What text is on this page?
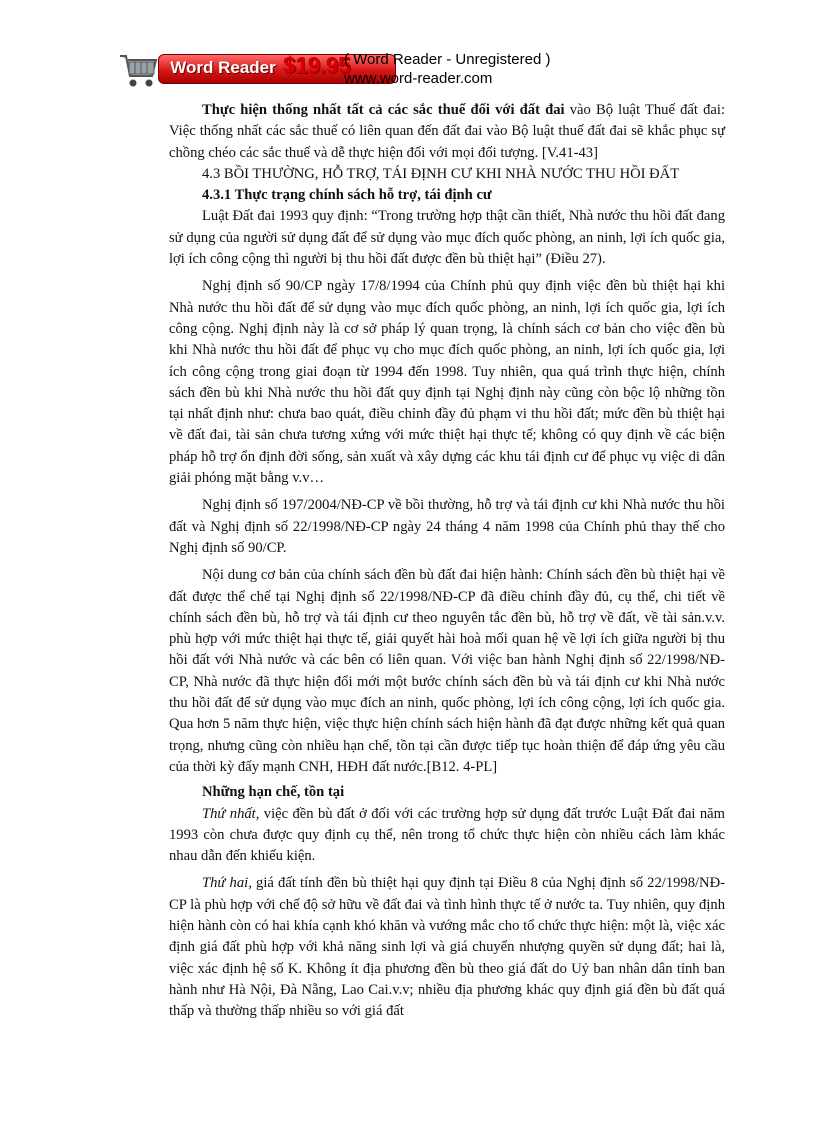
Word Reader $19.95
( Word Reader - Unregistered )
www.word-reader.com

Thực hiện thống nhất tất cả các sắc thuế đối với đất đai vào Bộ luật Thuế đất đai: Việc thống nhất các sắc thuế có liên quan đến đất đai vào Bộ luật thuế đất đai sẽ khắc phục sự chồng chéo các sắc thuế và dễ thực hiện đối với mọi đối tượng. [V.41-43]

4.3 BỒI THƯỜNG, HỖ TRỢ, TÁI ĐỊNH CƯ KHI NHÀ NƯỚC THU HỒI ĐẤT
4.3.1 Thực trạng chính sách hỗ trợ, tái định cư

Luật Đất đai 1993 quy định: “Trong trường hợp thật cần thiết, Nhà nước thu hồi đất đang sử dụng của người sử dụng đất để sử dụng vào mục đích quốc phòng, an ninh, lợi ích quốc gia, lợi ích công cộng thì người bị thu hồi đất được đền bù thiệt hại” (Điều 27).

Nghị định số 90/CP ngày 17/8/1994 của Chính phủ quy định việc đền bù thiệt hại khi Nhà nước thu hồi đất để sử dụng vào mục đích quốc phòng, an ninh, lợi ích quốc gia, lợi ích công cộng. Nghị định này là cơ sở pháp lý quan trọng, là chính sách cơ bản cho việc đền bù khi Nhà nước thu hồi đất để phục vụ cho mục đích quốc phòng, an ninh, lợi ích quốc gia, lợi ích công cộng trong giai đoạn từ 1994 đến 1998. Tuy nhiên, qua quá trình thực hiện, chính sách đền bù khi Nhà nước thu hồi đất quy định tại Nghị định này cũng còn bộc lộ những tồn tại nhất định như: chưa bao quát, điều chỉnh đầy đủ phạm vi thu hồi đất; mức đền bù thiệt hại về đất đai, tài sản chưa tương xứng với mức thiệt hại thực tế; không có quy định về các biện pháp hỗ trợ ổn định đời sống, sản xuất và xây dựng các khu tái định cư để phục vụ việc di dân giải phóng mặt bằng v.v…

Nghị định số 197/2004/NĐ-CP về bồi thường, hỗ trợ và tái định cư khi Nhà nước thu hồi đất và Nghị định số 22/1998/NĐ-CP ngày 24 tháng 4 năm 1998 của Chính phủ thay thế cho Nghị định số 90/CP.

Nội dung cơ bản của chính sách đền bù đất đai hiện hành: Chính sách đền bù thiệt hại về đất được thể chế tại Nghị định số 22/1998/NĐ-CP đã điều chỉnh đầy đủ, cụ thể, chi tiết về chính sách đền bù, hỗ trợ và tái định cư theo nguyên tắc đền bù, hỗ trợ về đất, về tài sản.v.v. phù hợp với mức thiệt hại thực tế, giải quyết hài hoà mối quan hệ về lợi ích giữa người bị thu hồi đất với Nhà nước và các bên có liên quan. Với việc ban hành Nghị định số 22/1998/NĐ-CP, Nhà nước đã thực hiện đổi mới một bước chính sách đền bù và tái định cư khi Nhà nước thu hồi đất để sử dụng vào mục đích an ninh, quốc phòng, lợi ích công cộng, lợi ích quốc gia. Qua hơn 5 năm thực hiện, việc thực hiện chính sách hiện hành đã đạt được những kết quả quan trọng, nhưng cũng còn nhiều hạn chế, tồn tại cần được tiếp tục hoàn thiện để đáp ứng yêu cầu của thời kỳ đẩy mạnh CNH, HĐH đất nước.[B12. 4-PL]

Những hạn chế, tồn tại

Thứ nhất, việc đền bù đất ở đối với các trường hợp sử dụng đất trước Luật Đất đai năm 1993 còn chưa được quy định cụ thể, nên trong tổ chức thực hiện còn nhiều cách làm khác nhau dẫn đến khiếu kiện.

Thứ hai, giá đất tính đền bù thiệt hại quy định tại Điều 8 của Nghị định số 22/1998/NĐ-CP là phù hợp với chế độ sở hữu về đất đai và tình hình thực tế ở nước ta. Tuy nhiên, quy định hiện hành còn có hai khía cạnh khó khăn và vướng mắc cho tổ chức thực hiện: một là, việc xác định giá đất phù hợp với khả năng sinh lợi và giá chuyển nhượng quyền sử dụng đất; hai là, việc xác định hệ số K. Không ít địa phương đền bù theo giá đất do Uỷ ban nhân dân tỉnh ban hành như Hà Nội, Đà Nẵng, Lao Cai.v.v; nhiều địa phương khác quy định giá đền bù đất quá thấp và thường thấp nhiều so với giá đất
